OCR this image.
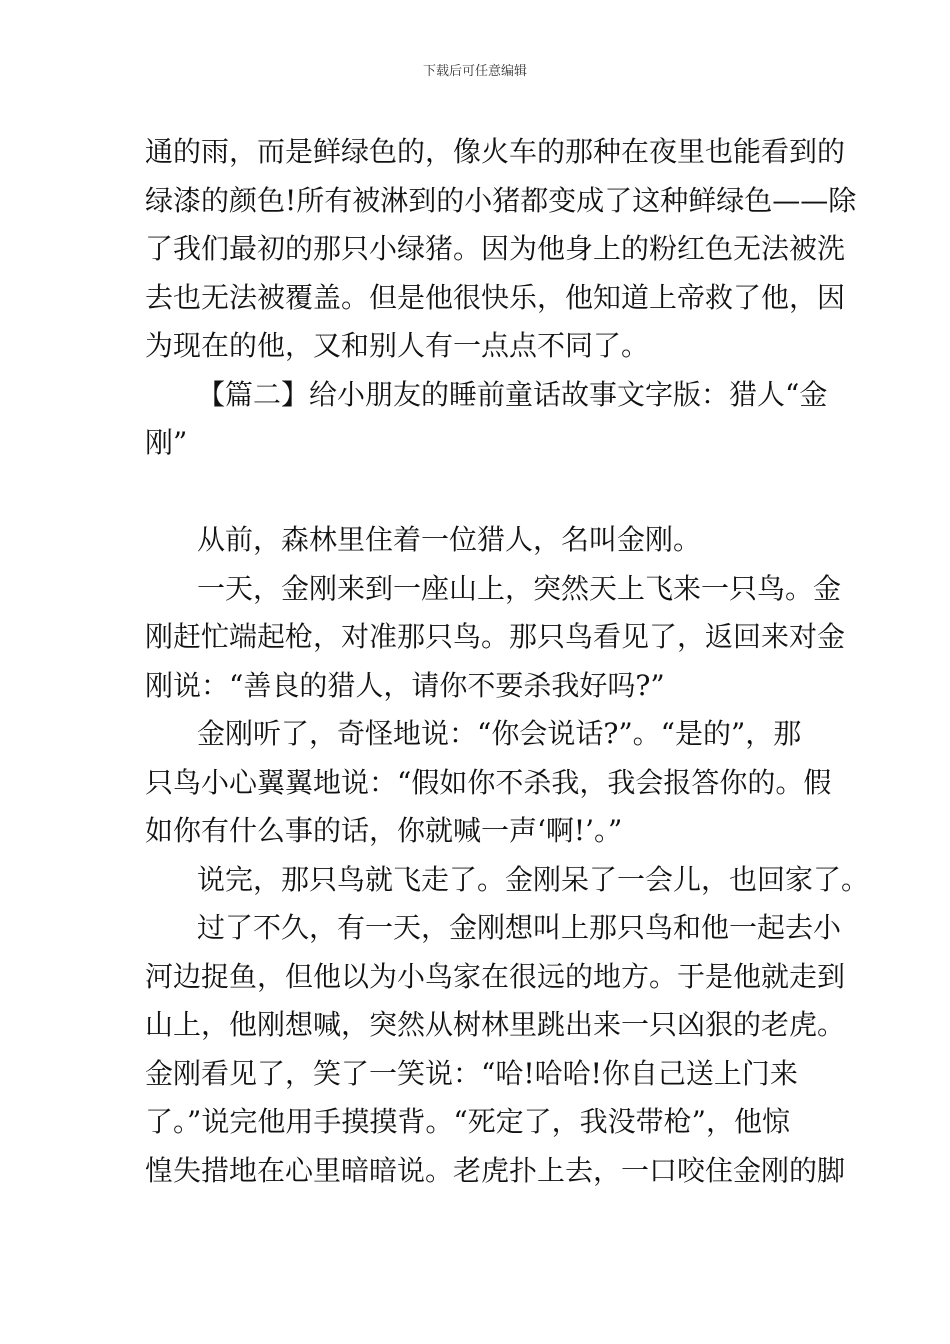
下载后可任意编辑
通的雨，而是鲜绿色的，像火车的那种在夜里也能看到的
绿漆的颜色!所有被淋到的小猪都变成了这种鲜绿色——除
了我们最初的那只小绿猪。因为他身上的粉红色无法被洗
去也无法被覆盖。但是他很快乐，他知道上帝救了他，因
为现在的他，又和别人有一点点不同了。
【篇二】给小朋友的睡前童话故事文字版：猎人“金
刚”
从前，森林里住着一位猎人，名叫金刚。
一天，金刚来到一座山上，突然天上飞来一只鸟。金
刚赶忙端起枪，对准那只鸟。那只鸟看见了，返回来对金
刚说：“善良的猎人，请你不要杀我好吗?”
金刚听了，奇怪地说：“你会说话?”。“是的”，那
只鸟小心翼翼地说：“假如你不杀我，我会报答你的。假
如你有什么事的话，你就喊一声‘啊!’。”
说完，那只鸟就飞走了。金刚呆了一会儿，也回家了。
过了不久，有一天，金刚想叫上那只鸟和他一起去小
河边捉鱼，但他以为小鸟家在很远的地方。于是他就走到
山上，他刚想喊，突然从树林里跳出来一只凶狠的老虎。
金刚看见了，笑了一笑说：“哈!哈哈!你自己送上门来
了。”说完他用手摸摸背。“死定了，我没带枪”，他惊
惶失措地在心里暗暗说。老虎扑上去，一口咬住金刚的脚
